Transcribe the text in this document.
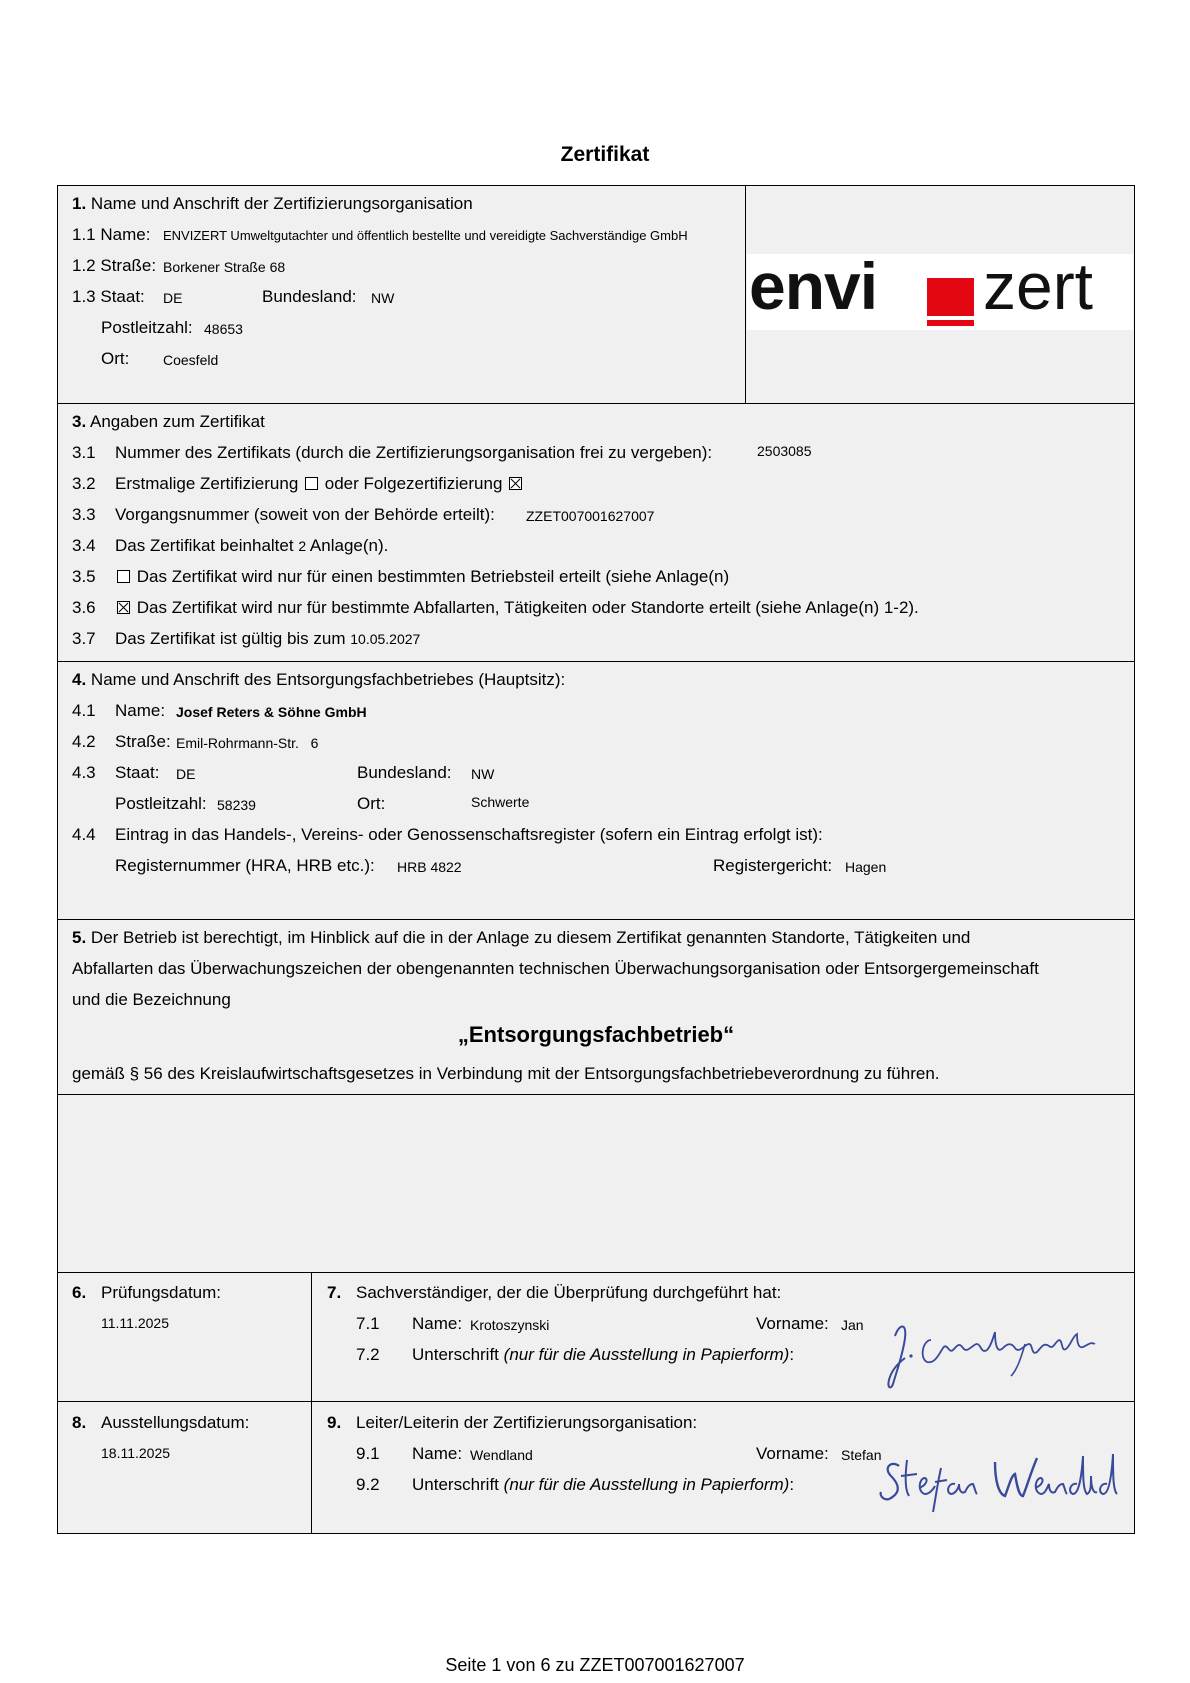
Zertifikat
1. Name und Anschrift der Zertifizierungsorganisation
1.1 Name: ENVIZERT Umweltgutachter und öffentlich bestellte und vereidigte Sachverständige GmbH
1.2 Straße: Borkener Straße 68
1.3 Staat: DE	Bundesland: NW
Postleitzahl: 48653
Ort: Coesfeld
envi zert
3. Angaben zum Zertifikat
3.1 Nummer des Zertifikats (durch die Zertifizierungsorganisation frei zu vergeben):	2503085
3.2 Erstmalige Zertifizierung oder Folgezertifizierung
3.3 Vorgangsnummer (soweit von der Behörde erteilt): ZZET007001627007
3.4 Das Zertifikat beinhaltet 2 Anlage(n).
3.5	Das Zertifikat wird nur für einen bestimmten Betriebsteil erteilt (siehe Anlage(n)
3.6	Das Zertifikat wird nur für bestimmte Abfallarten, Tätigkeiten oder Standorte erteilt (siehe Anlage(n) 1-2).
3.7 Das Zertifikat ist gültig bis zum 10.05.2027
4. Name und Anschrift des Entsorgungsfachbetriebes (Hauptsitz):
4.1 Name: Josef Reters & Söhne GmbH
4.2 Straße: Emil-Rohrmann-Str.   6
4.3 Staat: DE	Bundesland: NW
Postleitzahl: 58239	Ort:	Schwerte
4.4 Eintrag in das Handels-, Vereins- oder Genossenschaftsregister (sofern ein Eintrag erfolgt ist):
Registernummer (HRA, HRB etc.): HRB 4822	Registergericht: Hagen
5. Der Betrieb ist berechtigt, im Hinblick auf die in der Anlage zu diesem Zertifikat genannten Standorte, Tätigkeiten und
Abfallarten das Überwachungszeichen der obengenannten technischen Überwachungsorganisation oder Entsorgergemeinschaft
und die Bezeichnung
„Entsorgungsfachbetrieb“
gemäß § 56 des Kreislaufwirtschaftsgesetzes in Verbindung mit der Entsorgungsfachbetriebeverordnung zu führen.
6. Prüfungsdatum:
11.11.2025
7. Sachverständiger, der die Überprüfung durchgeführt hat:
7.1 Name: Krotoszynski	Vorname: Jan
7.2 Unterschrift (nur für die Ausstellung in Papierform):
8. Ausstellungsdatum:
18.11.2025
9. Leiter/Leiterin der Zertifizierungsorganisation:
9.1 Name: Wendland	Vorname: Stefan
9.2 Unterschrift (nur für die Ausstellung in Papierform):
Seite 1 von 6 zu ZZET007001627007
